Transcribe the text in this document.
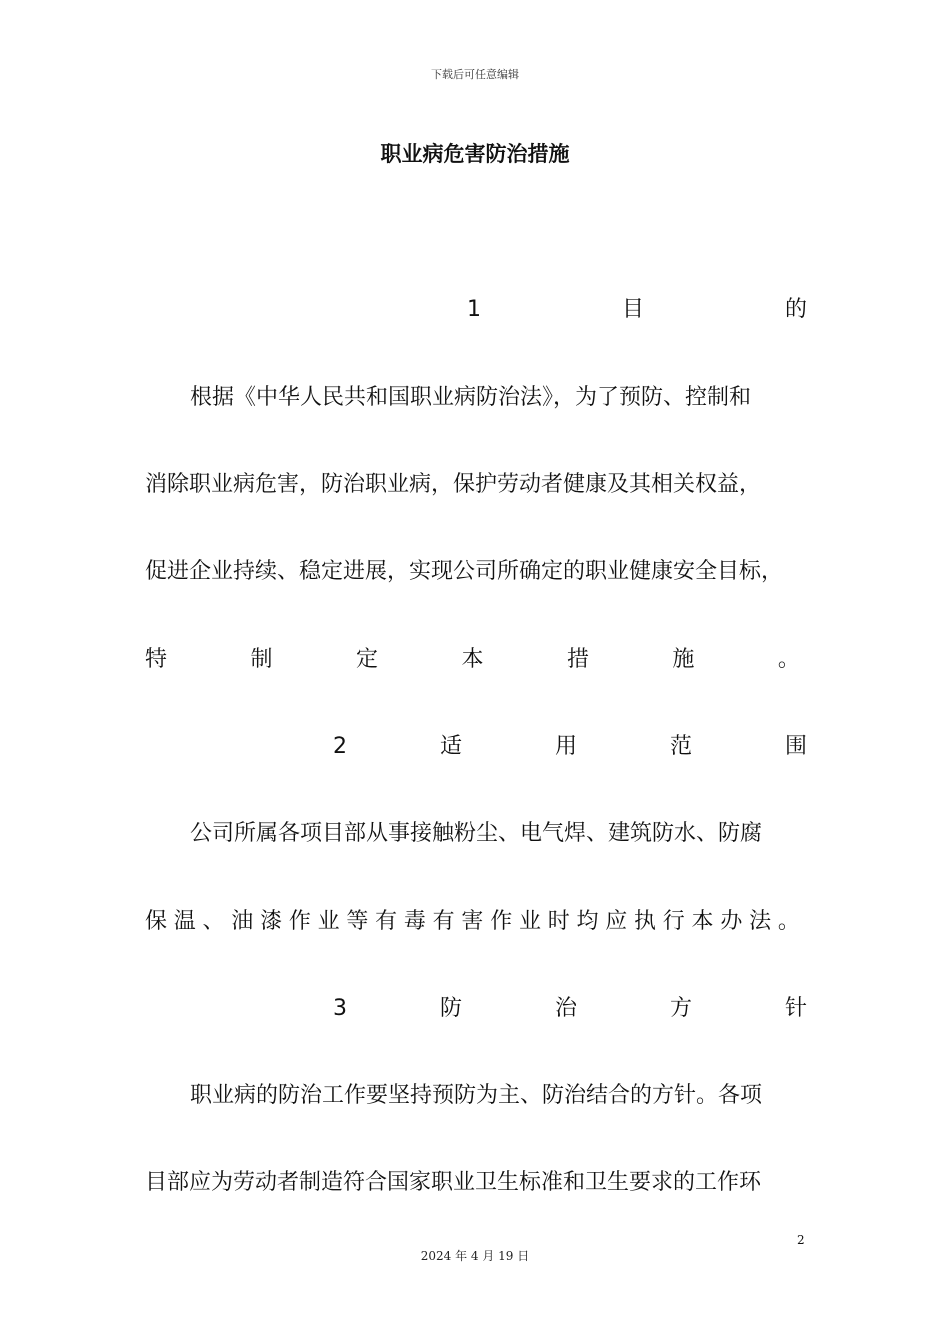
下载后可任意编辑
职业病危害防治措施
1	目	的
根据《中华人民共和国职业病防治法》，为了预防、控制和
消除职业病危害，防治职业病，保护劳动者健康及其相关权益，
促进企业持续、稳定进展，实现公司所确定的职业健康安全目标，
特	制	定	本	措	施	。
2	适	用	范	围
公司所属各项目部从事接触粉尘、电气焊、建筑防水、防腐
保 温 、 油 漆 作 业 等 有 毒 有 害 作 业 时 均 应 执 行 本 办 法 。
3	防	治	方	针
职业病的防治工作要坚持预防为主、防治结合的方针。各项
目部应为劳动者制造符合国家职业卫生标准和卫生要求的工作环
2
2024 年 4 月 19 日
